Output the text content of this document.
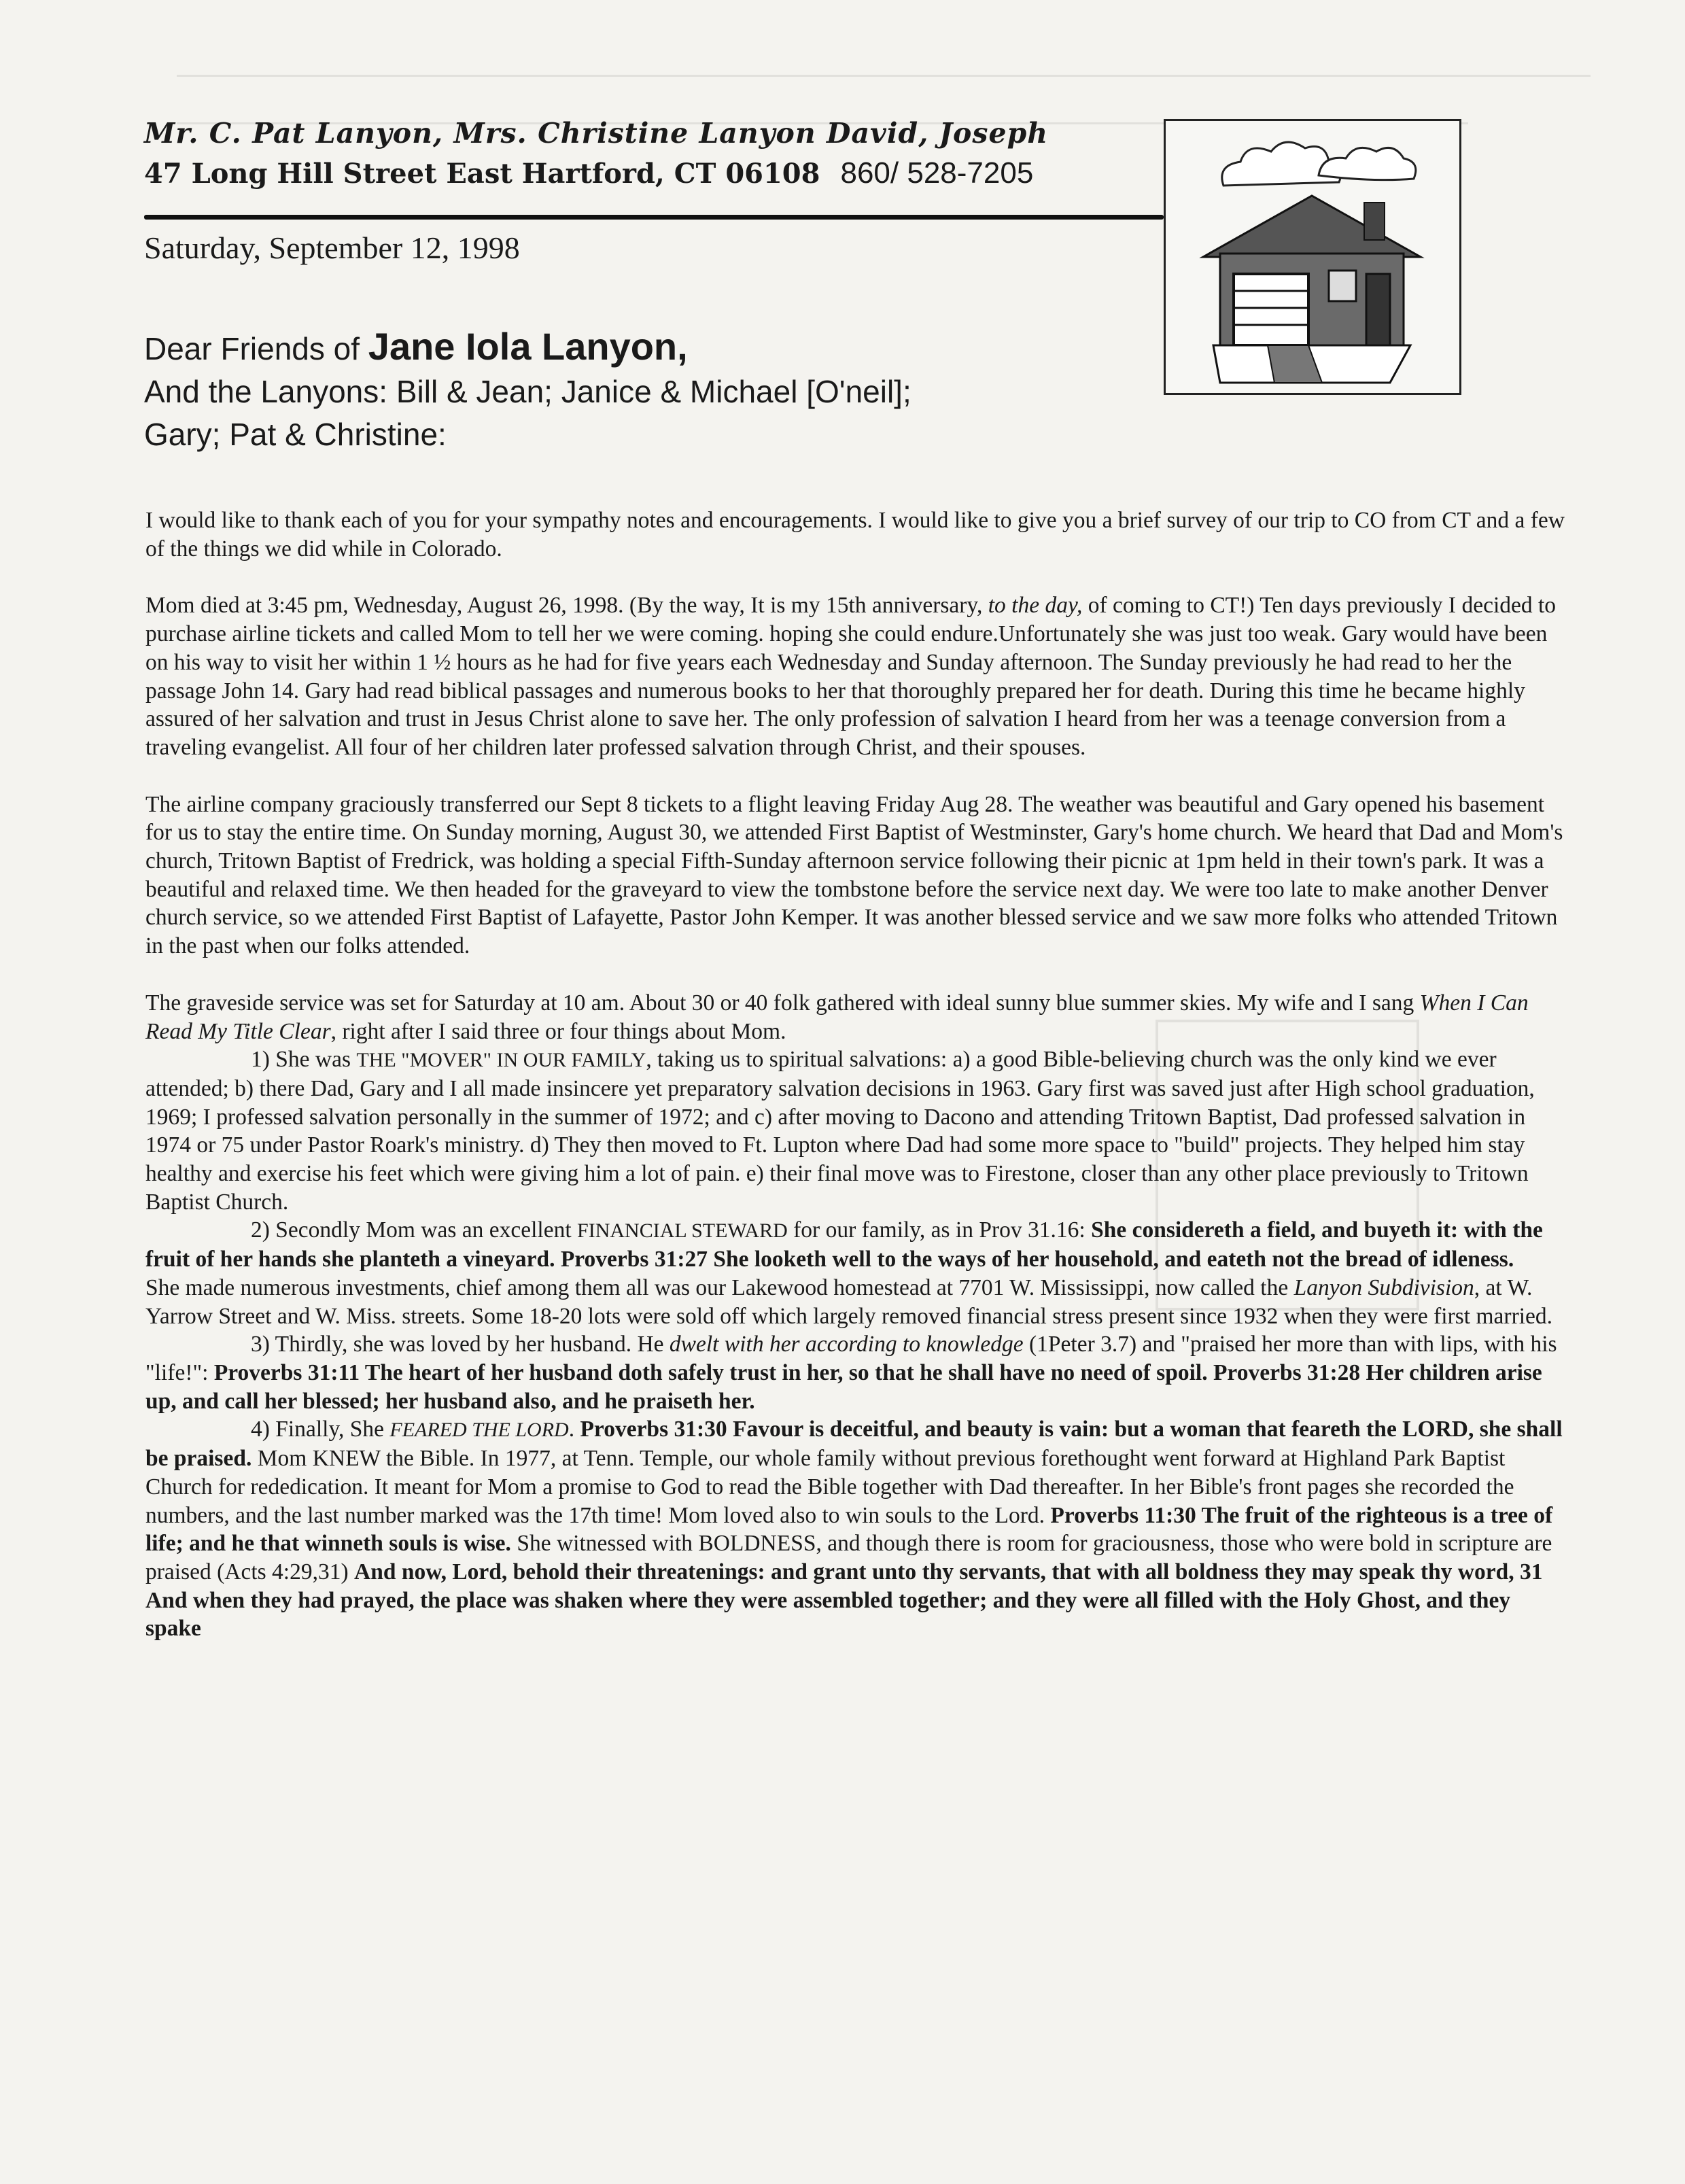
Mr. C. Pat Lanyon, Mrs. Christine Lanyon David, Joseph
47 Long Hill Street East Hartford, CT 06108 860/ 528-7205
Saturday, September 12, 1998
Dear Friends of Jane Iola Lanyon,
And the Lanyons: Bill & Jean; Janice & Michael [O'neil];
Gary; Pat & Christine:

I would like to thank each of you for your sympathy notes and encouragements. I would like to give you a brief survey of our trip to CO from CT and a few of the things we did while in Colorado.

Mom died at 3:45 pm, Wednesday, August 26, 1998. (By the way, It is my 15th anniversary, to the day, of coming to CT!) Ten days previously I decided to purchase airline tickets and called Mom to tell her we were coming. hoping she could endure.Unfortunately she was just too weak. Gary would have been on his way to visit her within 1 ½ hours as he had for five years each Wednesday and Sunday afternoon. The Sunday previously he had read to her the passage John 14. Gary had read biblical passages and numerous books to her that thoroughly prepared her for death. During this time he became highly assured of her salvation and trust in Jesus Christ alone to save her. The only profession of salvation I heard from her was a teenage conversion from a traveling evangelist. All four of her children later professed salvation through Christ, and their spouses.

The airline company graciously transferred our Sept 8 tickets to a flight leaving Friday Aug 28. The weather was beautiful and Gary opened his basement for us to stay the entire time. On Sunday morning, August 30, we attended First Baptist of Westminster, Gary's home church. We heard that Dad and Mom's church, Tritown Baptist of Fredrick, was holding a special Fifth-Sunday afternoon service following their picnic at 1pm held in their town's park. It was a beautiful and relaxed time. We then headed for the graveyard to view the tombstone before the service next day. We were too late to make another Denver church service, so we attended First Baptist of Lafayette, Pastor John Kemper. It was another blessed service and we saw more folks who attended Tritown in the past when our folks attended.

The graveside service was set for Saturday at 10 am. About 30 or 40 folk gathered with ideal sunny blue summer skies. My wife and I sang When I Can Read My Title Clear, right after I said three or four things about Mom.

1) She was THE "MOVER" IN OUR FAMILY, taking us to spiritual salvations: a) a good Bible-believing church was the only kind we ever attended; b) there Dad, Gary and I all made insincere yet preparatory salvation decisions in 1963. Gary first was saved just after High school graduation, 1969; I professed salvation personally in the summer of 1972; and c) after moving to Dacono and attending Tritown Baptist, Dad professed salvation in 1974 or 75 under Pastor Roark's ministry. d) They then moved to Ft. Lupton where Dad had some more space to "build" projects. They helped him stay healthy and exercise his feet which were giving him a lot of pain. e) their final move was to Firestone, closer than any other place previously to Tritown Baptist Church.

2) Secondly Mom was an excellent FINANCIAL STEWARD for our family, as in Prov 31.16: She considereth a field, and buyeth it: with the fruit of her hands she planteth a vineyard. Proverbs 31:27 She looketh well to the ways of her household, and eateth not the bread of idleness.

She made numerous investments, chief among them all was our Lakewood homestead at 7701 W. Mississippi, now called the Lanyon Subdivision, at W. Yarrow Street and W. Miss. streets. Some 18-20 lots were sold off which largely removed financial stress present since 1932 when they were first married.

3) Thirdly, she was loved by her husband. He dwelt with her according to knowledge (1Peter 3.7) and "praised her more than with lips, with his "life!": Proverbs 31:11 The heart of her husband doth safely trust in her, so that he shall have no need of spoil. Proverbs 31:28 Her children arise up, and call her blessed; her husband also, and he praiseth her.

4) Finally, She FEARED THE LORD. Proverbs 31:30 Favour is deceitful, and beauty is vain: but a woman that feareth the LORD, she shall be praised. Mom KNEW the Bible. In 1977, at Tenn. Temple, our whole family without previous forethought went forward at Highland Park Baptist Church for rededication. It meant for Mom a promise to God to read the Bible together with Dad thereafter. In her Bible's front pages she recorded the numbers, and the last number marked was the 17th time! Mom loved also to win souls to the Lord. Proverbs 11:30 The fruit of the righteous is a tree of life; and he that winneth souls is wise. She witnessed with BOLDNESS, and though there is room for graciousness, those who were bold in scripture are praised (Acts 4:29,31) And now, Lord, behold their threatenings: and grant unto thy servants, that with all boldness they may speak thy word, 31 And when they had prayed, the place was shaken where they were assembled together; and they were all filled with the Holy Ghost, and they spake
